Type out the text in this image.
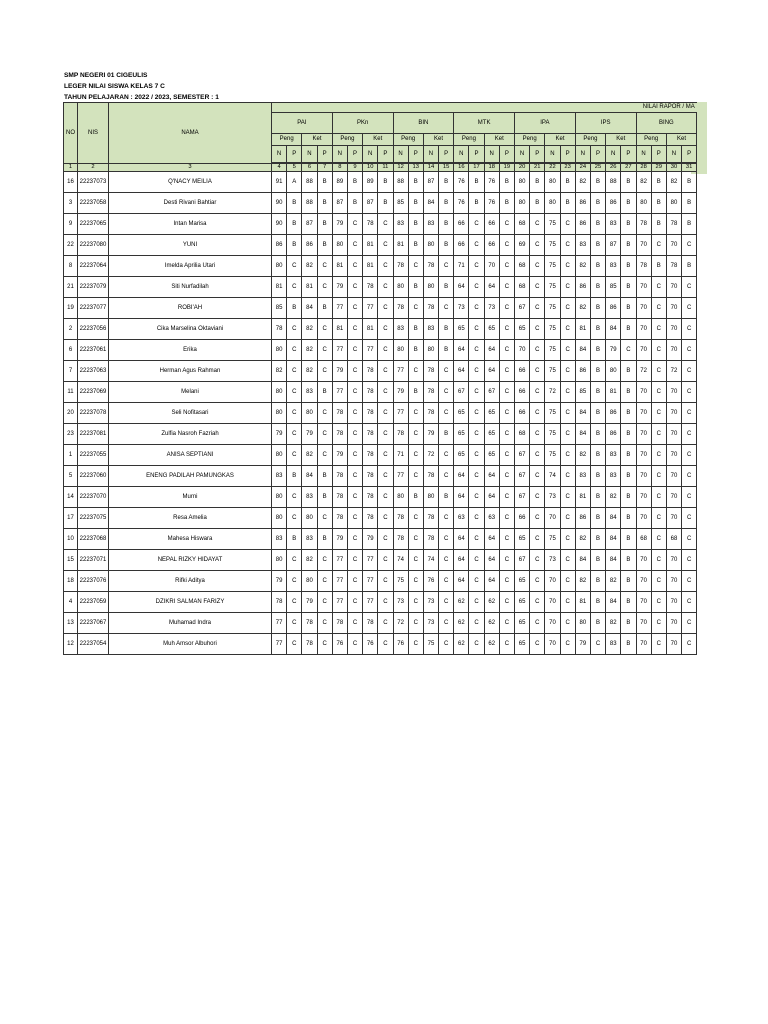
SMP NEGERI 01 CIGEULIS
LEGER NILAI SISWA KELAS 7 C
TAHUN PELAJARAN : 2022 / 2023, SEMESTER : 1
NO	NIS	NAMA	NILAI RAPOR / MA																											
			PAI				PKn				BIN				MTK				IPA				IPS				BING			
			Peng		Ket		Peng		Ket		Peng		Ket		Peng		Ket		Peng		Ket		Peng		Ket		Peng		Ket	
			N	P	N	P	N	P	N	P	N	P	N	P	N	P	N	P	N	P	N	P	N	P	N	P	N	P	N	P

1	2	3	4	5	6	7	8	9	10	11	12	13	14	15	16	17	18	19	20	21	22	23	24	25	26	27	28	29	30	31
16	22237073	Q'NACY MEILIA	91	A	88	B	89	B	89	B	88	B	87	B	76	B	76	B	80	B	80	B	82	B	88	B	82	B	82	B
3	22237058	Desti Rivani Bahtiar	90	B	88	B	87	B	87	B	85	B	84	B	76	B	76	B	80	B	80	B	86	B	86	B	80	B	80	B
9	22237065	Intan Marisa	90	B	87	B	79	C	78	C	83	B	83	B	66	C	66	C	68	C	75	C	86	B	83	B	78	B	78	B
22	22237080	YUNI	86	B	86	B	80	C	81	C	81	B	80	B	66	C	66	C	69	C	75	C	83	B	87	B	70	C	70	C
8	22237064	Imelda Aprilia Utari	80	C	82	C	81	C	81	C	78	C	78	C	71	C	70	C	68	C	75	C	82	B	83	B	78	B	78	B
21	22237079	Siti Nurfadilah	81	C	81	C	79	C	78	C	80	B	80	B	64	C	64	C	68	C	75	C	86	B	85	B	70	C	70	C
19	22237077	ROBI'AH	85	B	84	B	77	C	77	C	78	C	78	C	73	C	73	C	67	C	75	C	82	B	86	B	70	C	70	C
2	22237056	Cika Marselina Oktaviani	78	C	82	C	81	C	81	C	83	B	83	B	65	C	65	C	65	C	75	C	81	B	84	B	70	C	70	C
6	22237061	Erika	80	C	82	C	77	C	77	C	80	B	80	B	64	C	64	C	70	C	75	C	84	B	79	C	70	C	70	C
7	22237063	Herman Agus Rahman	82	C	82	C	79	C	78	C	77	C	78	C	64	C	64	C	66	C	75	C	86	B	80	B	72	C	72	C
11	22237069	Melani	80	C	83	B	77	C	78	C	79	B	78	C	67	C	67	C	66	C	72	C	85	B	81	B	70	C	70	C
20	22237078	Seli Nofitasari	80	C	80	C	78	C	78	C	77	C	78	C	65	C	65	C	66	C	75	C	84	B	86	B	70	C	70	C
23	22237081	Zulfia Nasroh Fazriah	79	C	79	C	78	C	78	C	78	C	79	B	65	C	65	C	68	C	75	C	84	B	86	B	70	C	70	C
1	22237055	ANISA SEPTIANI	80	C	82	C	79	C	78	C	71	C	72	C	65	C	65	C	67	C	75	C	82	B	83	B	70	C	70	C
5	22237060	ENENG PADILAH PAMUNGKAS	83	B	84	B	78	C	78	C	77	C	78	C	64	C	64	C	67	C	74	C	83	B	83	B	70	C	70	C
14	22237070	Murni	80	C	83	B	78	C	78	C	80	B	80	B	64	C	64	C	67	C	73	C	81	B	82	B	70	C	70	C
17	22237075	Resa Amelia	80	C	80	C	78	C	78	C	78	C	78	C	63	C	63	C	66	C	70	C	86	B	84	B	70	C	70	C
10	22237068	Mahesa Hiswara	83	B	83	B	79	C	79	C	78	C	78	C	64	C	64	C	65	C	75	C	82	B	84	B	68	C	68	C
15	22237071	NEPAL RIZKY HIDAYAT	80	C	82	C	77	C	77	C	74	C	74	C	64	C	64	C	67	C	73	C	84	B	84	B	70	C	70	C
18	22237076	Rifki Aditya	79	C	80	C	77	C	77	C	75	C	76	C	64	C	64	C	65	C	70	C	82	B	82	B	70	C	70	C
4	22237059	DZIKRI SALMAN FARIZY	78	C	79	C	77	C	77	C	73	C	73	C	62	C	62	C	65	C	70	C	81	B	84	B	70	C	70	C
13	22237067	Muhamad Indra	77	C	78	C	78	C	78	C	72	C	73	C	62	C	62	C	65	C	70	C	80	B	82	B	70	C	70	C
12	22237054	Muh Amsor Albuhori	77	C	78	C	76	C	76	C	76	C	75	C	62	C	62	C	65	C	70	C	79	C	83	B	70	C	70	C
